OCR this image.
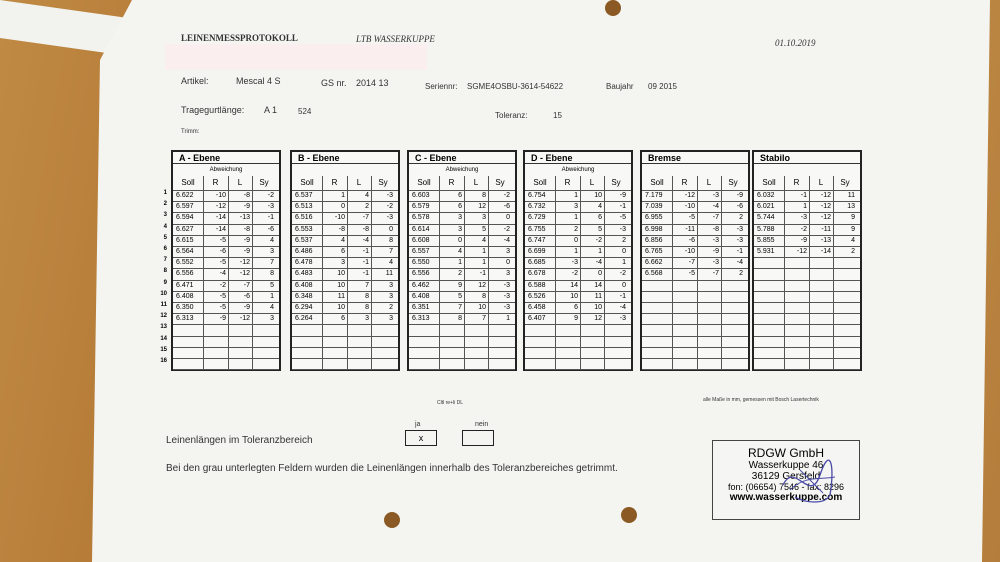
LEINENMESSPROTOKOLL	LTB WASSERKUPPE	01.10.2019
Artikel:	Mescal 4 S	GS nr. 2014 13	Seriennr: SGME4OSBU-3614-54622	Baujahr 09 2015
Tragegurtlänge: A 1	524	Toleranz:	15
Trimm:
1
2
3
4
5
6
7
8
9
10
11
12
13
14
15
16
A - Ebene
Abweichung
Soll	R	L	Sy
6.622	-10	-8	-2
6.597	-12	-9	-3
6.594	-14	-13	-1
6.627	-14	-8	-6
6.615	-5	-9	4
6.564	-6	-9	3
6.552	-5	-12	7
6.556	-4	-12	8
6.471	-2	-7	5
6.408	-5	-6	1
6.350	-5	-9	4
6.313	-9	-12	3
B - Ebene
Soll	R	L	Sy
6.537	1	4	-3
6.513	0	2	-2
6.516	-10	-7	-3
6.553	-8	-8	0
6.537	4	-4	8
6.486	6	-1	7
6.478	3	-1	4
6.483	10	-1	11
6.408	10	7	3
6.348	11	8	3
6.294	10	8	2
6.264	6	3	3
C - Ebene
Abweichung
Soll	R	L	Sy
6.603	6	8	-2
6.579	6	12	-6
6.578	3	3	0
6.614	3	5	-2
6.608	0	4	-4
6.557	4	1	3
6.550	1	1	0
6.556	2	-1	3
6.462	9	12	-3
6.408	5	8	-3
6.351	7	10	-3
6.313	8	7	1
D - Ebene
Abweichung
Soll	R	L	Sy
6.754	1	10	-9
6.732	3	4	-1
6.729	1	6	-5
6.755	2	5	-3
6.747	0	-2	2
6.699	1	1	0
6.685	-3	-4	1
6.678	-2	0	-2
6.588	14	14	0
6.526	10	11	-1
6.458	6	10	-4
6.407	9	12	-3
Bremse
Soll	R	L	Sy
7.179	-12	-3	-9
7.039	-10	-4	-6
6.955	-5	-7	2
6.998	-11	-8	-3
6.856	-6	-3	-3
6.765	-10	-9	-1
6.662	-7	-3	-4
6.568	-5	-7	2
Stabilo
Soll	R	L	Sy
6.032	-1	-12	11
6.021	1	-12	13
5.744	-3	-12	9
5.788	-2	-11	9
5.855	-9	-13	4
5.931	-12	-14	2
Cltl re+li DL	alle Maße in mm, gemessen mit Bosch Lasertechnik
Leinenlängen im Toleranzbereich
ja	nein
x
Bei den grau unterlegten Feldern wurden die Leinenlängen innerhalb des Toleranzbereiches getrimmt.
RDGW GmbH
Wasserkuppe 46
36129 Gersfeld
fon: (06654) 7546 - fax: 8296
www.wasserkuppe.com
